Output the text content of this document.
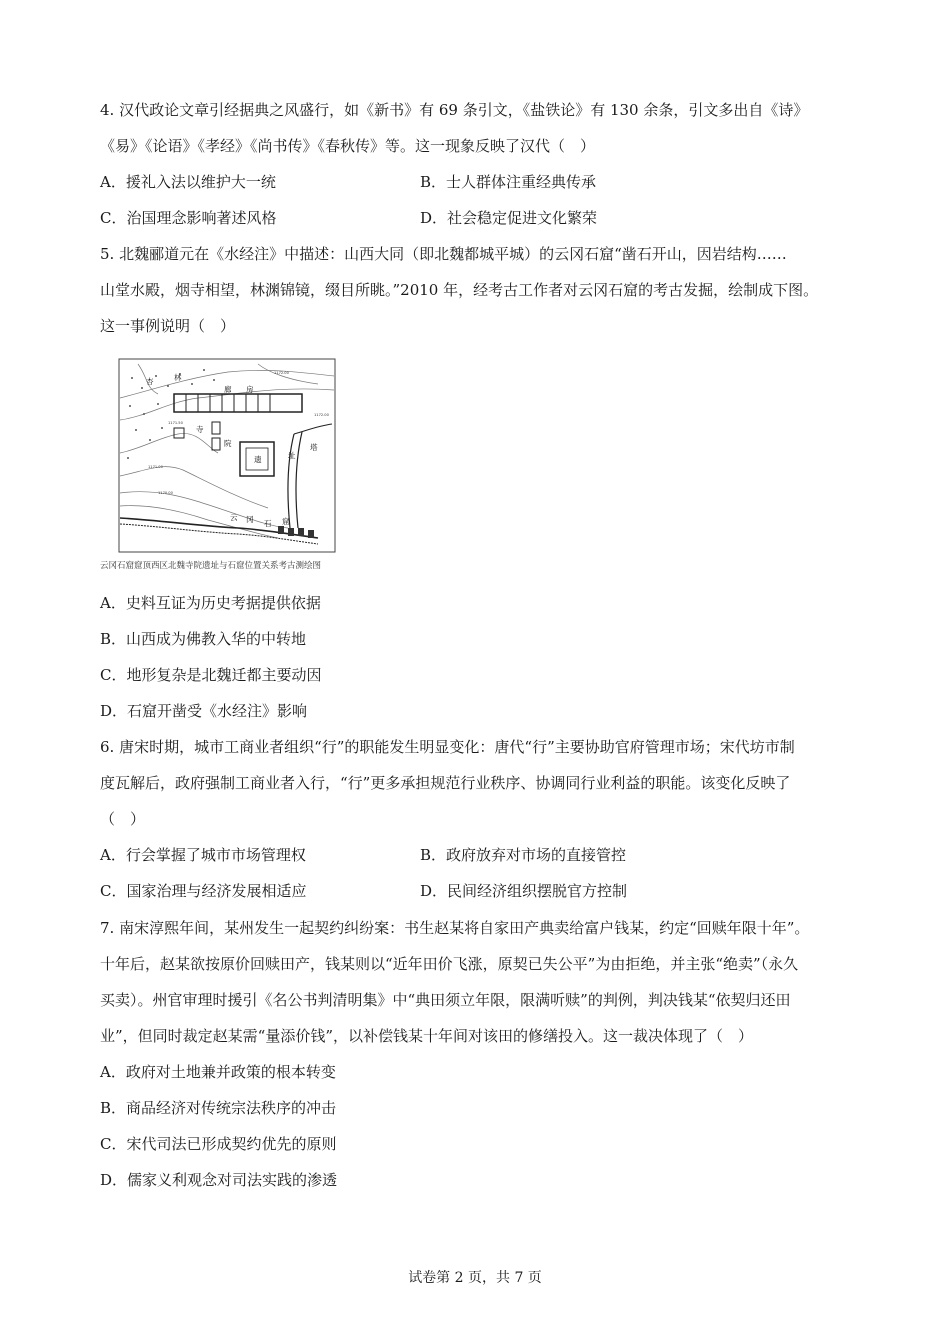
4. 汉代政论文章引经据典之风盛行，如《新书》有 69 条引文，《盐铁论》有 130 余条，引文多出自《诗》
《易》《论语》《孝经》《尚书传》《春秋传》等。这一现象反映了汉代（　）
A．援礼入法以维护大一统	B．士人群体注重经典传承
C．治国理念影响著述风格	D．社会稳定促进文化繁荣
5. 北魏郦道元在《水经注》中描述：山西大同（即北魏都城平城）的云冈石窟“凿石开山，因岩结构……
山堂水殿，烟寺相望，林渊锦镜，缀目所眺。”2010 年，经考古工作者对云冈石窟的考古发掘，绘制成下图。
这一事例说明（　）
杏	林
廊 房
寺
院
遗	址
塔
云 冈 石 窟
1172.00
1171.50
1172.00
1171.00
1170.00
云冈石窟窟顶西区北魏寺院遗址与石窟位置关系考古测绘图
A．史料互证为历史考据提供依据
B．山西成为佛教入华的中转地
C．地形复杂是北魏迁都主要动因
D．石窟开凿受《水经注》影响
6. 唐宋时期，城市工商业者组织“行”的职能发生明显变化：唐代“行”主要协助官府管理市场；宋代坊市制
度瓦解后，政府强制工商业者入行，“行”更多承担规范行业秩序、协调同行业利益的职能。该变化反映了
（　）
A．行会掌握了城市市场管理权	B．政府放弃对市场的直接管控
C．国家治理与经济发展相适应	D．民间经济组织摆脱官方控制
7. 南宋淳熙年间，某州发生一起契约纠纷案：书生赵某将自家田产典卖给富户钱某，约定“回赎年限十年”。
十年后，赵某欲按原价回赎田产，钱某则以“近年田价飞涨，原契已失公平”为由拒绝，并主张“绝卖”（永久
买卖）。州官审理时援引《名公书判清明集》中“典田须立年限，限满听赎”的判例，判决钱某“依契归还田
业”，但同时裁定赵某需“量添价钱”，以补偿钱某十年间对该田的修缮投入。这一裁决体现了（　）
A．政府对土地兼并政策的根本转变
B．商品经济对传统宗法秩序的冲击
C．宋代司法已形成契约优先的原则
D．儒家义利观念对司法实践的渗透
试卷第 2 页，共 7 页
